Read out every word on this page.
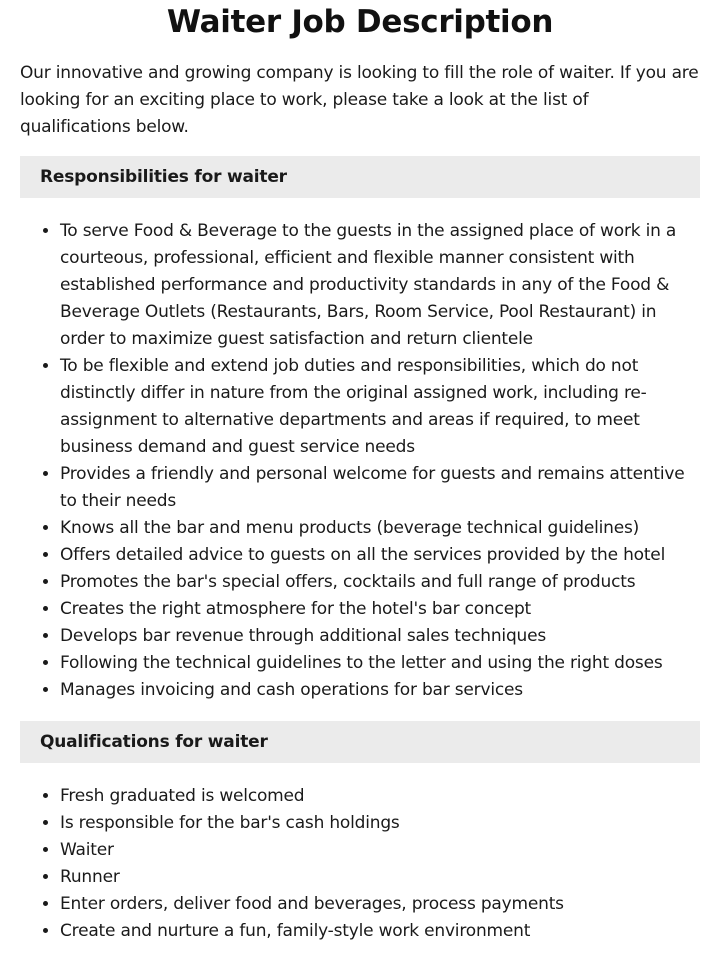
Waiter Job Description

Our innovative and growing company is looking to fill the role of waiter. If you are looking for an exciting place to work, please take a look at the list of qualifications below.

Responsibilities for waiter
• To serve Food & Beverage to the guests in the assigned place of work in a courteous, professional, efficient and flexible manner consistent with established performance and productivity standards in any of the Food & Beverage Outlets (Restaurants, Bars, Room Service, Pool Restaurant) in order to maximize guest satisfaction and return clientele
• To be flexible and extend job duties and responsibilities, which do not distinctly differ in nature from the original assigned work, including re-assignment to alternative departments and areas if required, to meet business demand and guest service needs
• Provides a friendly and personal welcome for guests and remains attentive to their needs
• Knows all the bar and menu products (beverage technical guidelines)
• Offers detailed advice to guests on all the services provided by the hotel
• Promotes the bar's special offers, cocktails and full range of products
• Creates the right atmosphere for the hotel's bar concept
• Develops bar revenue through additional sales techniques
• Following the technical guidelines to the letter and using the right doses
• Manages invoicing and cash operations for bar services
Qualifications for waiter
• Fresh graduated is welcomed
• Is responsible for the bar's cash holdings
• Waiter
• Runner
• Enter orders, deliver food and beverages, process payments
• Create and nurture a fun, family-style work environment
